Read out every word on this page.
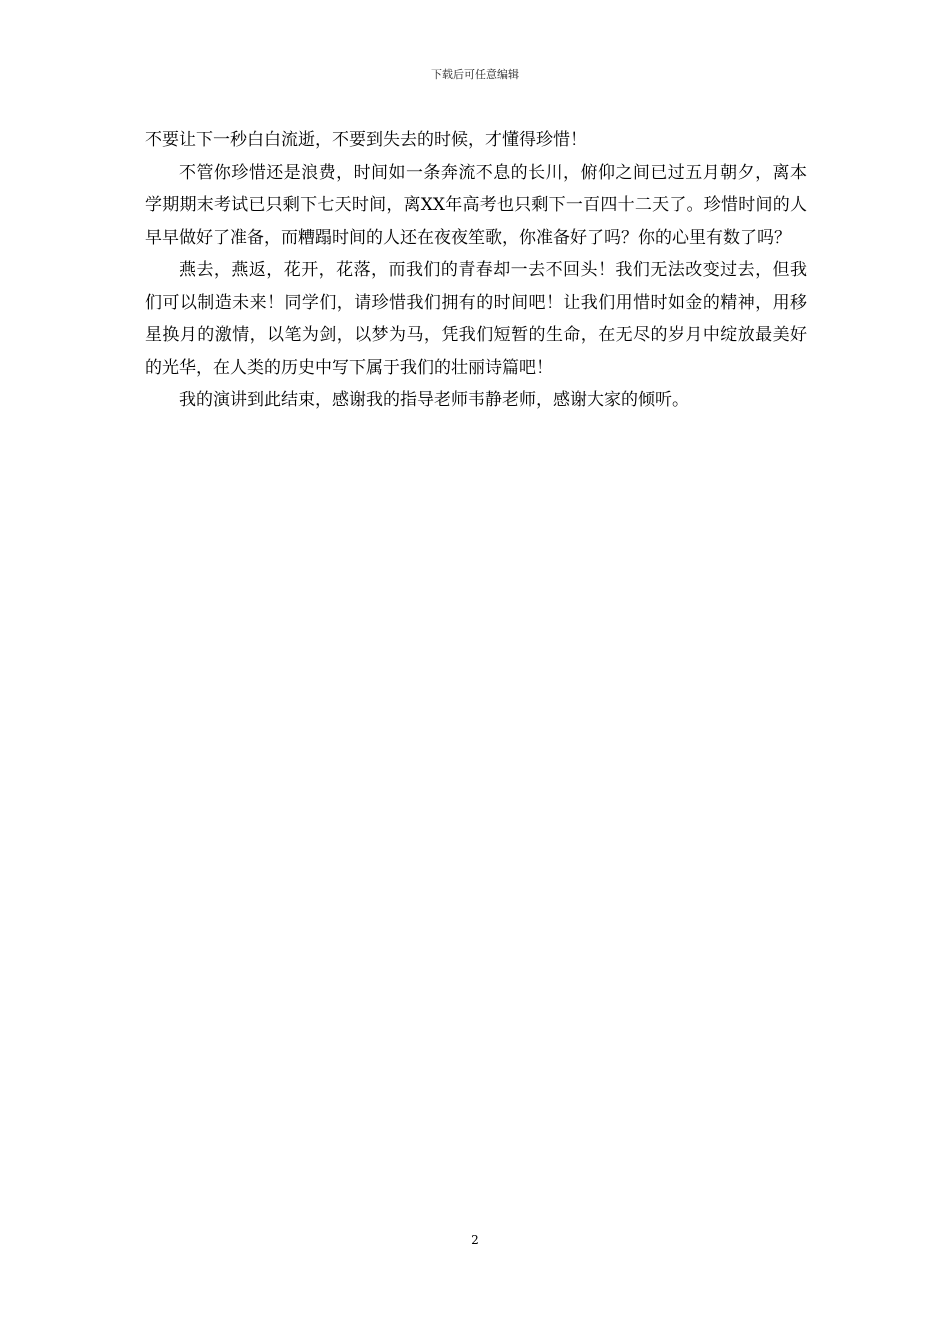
下载后可任意编辑

不要让下一秒白白流逝，不要到失去的时候，才懂得珍惜！

不管你珍惜还是浪费，时间如一条奔流不息的长川，俯仰之间已过五月朝夕，离本学期期末考试已只剩下七天时间，离XX年高考也只剩下一百四十二天了。珍惜时间的人早早做好了准备，而糟蹋时间的人还在夜夜笙歌，你准备好了吗？你的心里有数了吗？

燕去，燕返，花开，花落，而我们的青春却一去不回头！我们无法改变过去，但我们可以制造未来！同学们，请珍惜我们拥有的时间吧！让我们用惜时如金的精神，用移星换月的激情，以笔为剑，以梦为马，凭我们短暂的生命，在无尽的岁月中绽放最美好的光华，在人类的历史中写下属于我们的壮丽诗篇吧！

我的演讲到此结束，感谢我的指导老师韦静老师，感谢大家的倾听。

2
